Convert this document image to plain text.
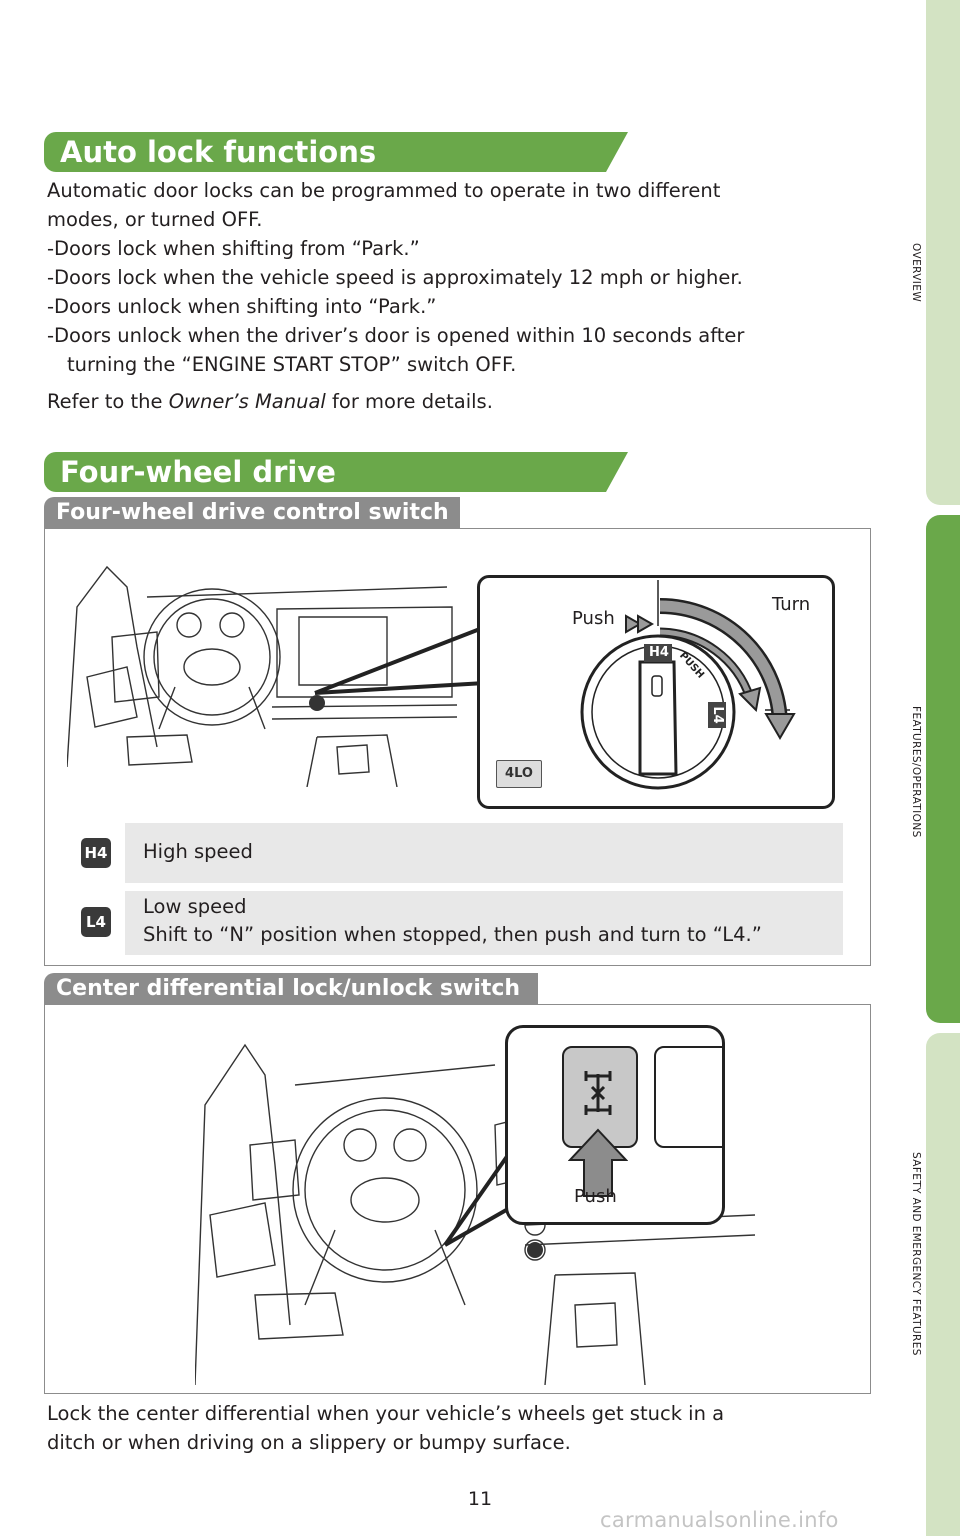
OVERVIEW
FEATURES/OPERATIONS
SAFETY AND EMERGENCY FEATURES
Auto lock functions

Automatic door locks can be programmed to operate in two different

modes, or turned OFF.

-Doors lock when shifting from “Park.”

-Doors lock when the vehicle speed is approximately 12 mph or higher.

-Doors unlock when shifting into “Park.”

-Doors unlock when the driver’s door is opened within 10 seconds after

turning the “ENGINE START STOP” switch OFF.

Refer to the Owner’s Manual for more details.

Four-wheel drive
Four-wheel drive control switch
H4
L4
PUSH
Push
Turn
4LO
H4 High speed
L4
Low speed
Shift to “N” position when stopped, then push and turn to “L4.”
Center differential lock/unlock switch
Push

Lock the center differential when your vehicle’s wheels get stuck in a

ditch or when driving on a slippery or bumpy surface.

11
carmanualsonline.info
